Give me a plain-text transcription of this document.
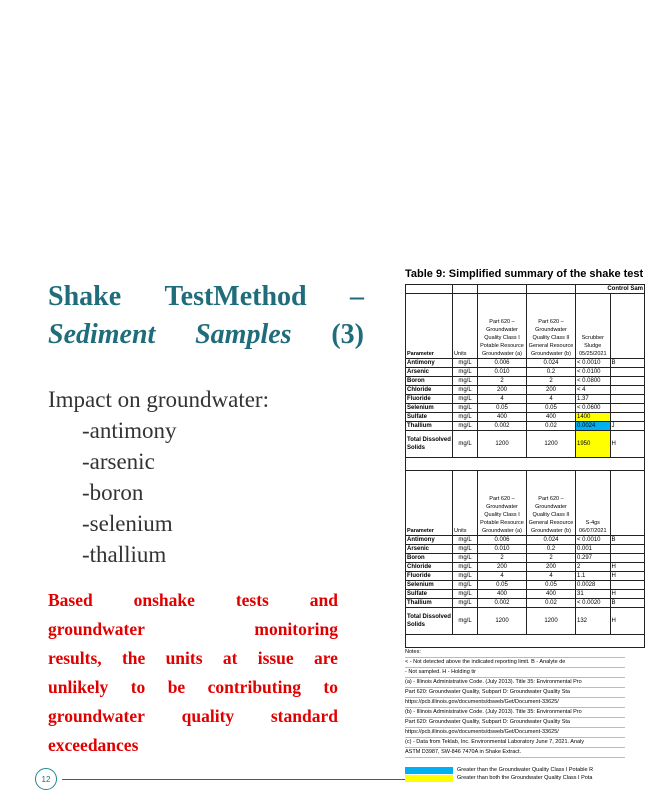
Shake TestMethod –
Sediment Samples (3)
Impact on groundwater:
-antimony
-arsenic
-boron
-selenium
-thallium
Based onshake tests and
groundwater	monitoring
results, the units at issue are
unlikely to be contributing to
groundwater quality standard
exceedances
12
Table 9: Simplified summary of the shake test
				Control Sam	
Parameter	Units	Part 620 – Groundwater Quality Class I Potable Resource Groundwater (a)	Part 620 – Groundwater Quality Class II General Resource Groundwater (b)	Scrubber Sludge 05/25/2021	
Antimony	mg/L	0.006	0.024	< 0.0010	B
Arsenic	mg/L	0.010	0.2	< 0.0100	
Boron	mg/L	2	2	< 0.0800	
Chloride	mg/L	200	200	< 4	
Fluoride	mg/L	4	4	1.37	
Selenium	mg/L	0.05	0.05	< 0.0600	
Sulfate	mg/L	400	400	1400	
Thallium	mg/L	0.002	0.02	0.0024	J
Total Dissolved Solids	mg/L	1200	1200	1950	H

Parameter	Units	Part 620 – Groundwater Quality Class I Potable Resource Groundwater (a)	Part 620 – Groundwater Quality Class II General Resource Groundwater (b)	S-4gs 06/07/2021	
Antimony	mg/L	0.006	0.024	< 0.0010	B
Arsenic	mg/L	0.010	0.2	0.001	
Boron	mg/L	2	2	0.297	
Chloride	mg/L	200	200	2	H
Fluoride	mg/L	4	4	1.1	H
Selenium	mg/L	0.05	0.05	0.0028	
Sulfate	mg/L	400	400	31	H
Thallium	mg/L	0.002	0.02	< 0.0020	B
Total Dissolved Solids	mg/L	1200	1200	132	H

Notes:
< - Not detected above the indicated reporting limit. B - Analyte de
- Not sampled. H - Holding tir
(a) - Illinois Administrative Code. (July 2013). Title 35: Environmental Pro
Part 620: Groundwater Quality, Subpart D: Groundwater Quality Sta
https://pcb.illinois.gov/documents/dsweb/Get/Document-33625/
(b) - Illinois Administrative Code. (July 2013). Title 35: Environmental Pro
Part 620: Groundwater Quality, Subpart D: Groundwater Quality Sta
https://pcb.illinois.gov/documents/dsweb/Get/Document-33625/
(c) - Data from Teklab, Inc. Environmental Laboratory June 7, 2021. Analy
ASTM D3987, SW-846 7470A in Shake Extract.
Greater than the Groundwater Quality Class I Potable R
Greater than both the Groundwater Quality Class I Pota
